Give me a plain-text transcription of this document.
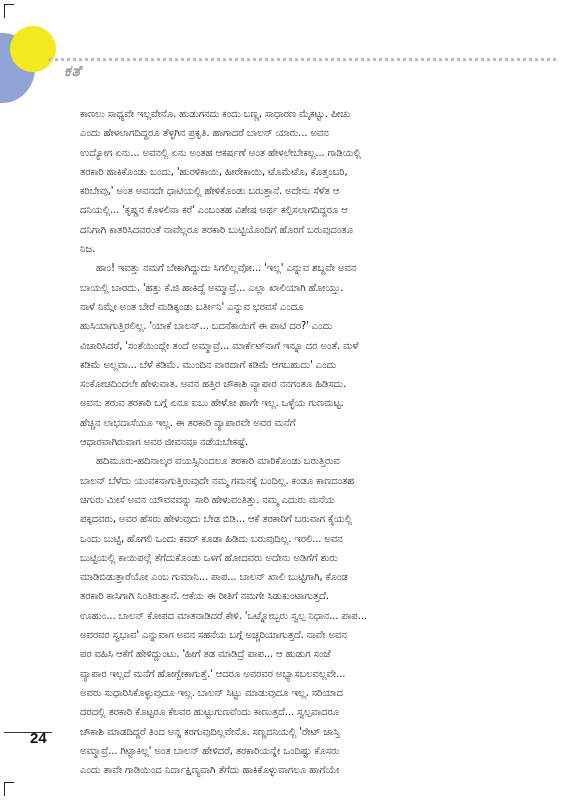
ಕತೆ
ಕಾಣಲು ಸಾಧ್ಯವೇ ಇಲ್ಲವೇನೊ. ಹುಡುಗನದು ಕಂದು ಬಣ್ಣ, ಸಾಧಾರಣ ಮೈಕಟ್ಟು. ಪೀಚು
ಎಂದು ಹೇಳಲಾಗದಿದ್ದರೂ ತೆಳ್ಳಗಿನ ಪ್ರಕೃತಿ. ಹಾಗಾದರೆ ಬಾಲನ್ ಯಾರು... ಅವನ
ಉದ್ಯೋಗ ಏನು... ಅವನಲ್ಲಿ ಏನು ಅಂತಹ ಆಕರ್ಷಣೆ ಅಂತ ಹೇಳಲೇಬೇಕಲ್ಲ... ಗಾಡಿಯಲ್ಲಿ
ತರಕಾರಿ ಹಾಕಿಕೊಂಡು ಬಂದು, 'ಹುರಳಿಕಾಯಿ, ಹೀರೇಕಾಯಿ, ಟೊಮೆಟೊ, ಕೊತ್ತಂಬರಿ,
ಕರಿಬೇವು,' ಅಂತ ಅವನದೇ ಧಾಟಿಯಲ್ಲಿ ಹೇಳಿಕೊಂಡು ಬರುತ್ತಾನೆ. ಅದೇನು ಸೆಳೆತ ಆ
ದನಿಯಲ್ಲಿ... 'ಕೃಷ್ಣನ ಕೊಳಲಿನಾ ಕರೆ' ಎಂಬಂತಹ ವಿಶೇಷ ಅರ್ಥ ಕಲ್ಪಿಸಲಾಗದಿದ್ದರೂ ಆ
ದನಿಗಾಗಿ ಕಾತರಿಸಿದವರಂತೆ ನಾವೆಲ್ಲರೂ ತರಕಾರಿ ಬುಟ್ಟಿಯೊಂದಿಗೆ ಹೊರಗೆ ಬರುವುದಂತೂ
ನಿಜ.
ಹಾಂ! ಇವತ್ತು ನಮಗೆ ಬೇಕಾಗಿದ್ದುದು ಸಿಗಲಿಲ್ಲವೋ... 'ಇಲ್ಲ' ಎನ್ನುವ ಶಬ್ದವೇ ಅವನ
ಬಾಯಲ್ಲಿ ಬಾರದು. 'ಹತ್ತು ಕೆ.ಜಿ ಹಾಕಿದ್ದೆ ಅಮ್ಮಾವ್ರೆ... ಎಲ್ಲಾ ಖಾಲಿಯಾಗಿ ಹೋಯ್ತು.
ನಾಳೆ ನಿಮ್ಗೇ ಅಂತ ಬೇರೆ ಮಡಿಕ್ಕಂಡು ಬರ್ತೀನಿ' ಎನ್ನುವ ಭರವಸೆ ಎಂದೂ
ಹುಸಿಯಾಗುತ್ತಿರಲಿಲ್ಲ. 'ಯಾಕೆ ಬಾಲನ್... ಬದನೆಕಾಯಿಗೆ ಈ ಪಾಟಿ ದರ?' ಎಂದು
ವಿಚಾರಿಸಿದರೆ, 'ಸಂತೆಯಿಂದ್ಲೇ ತಂದೆ ಅಮ್ಮಾವ್ರೆ... ಮಾರ್ಕೆಟ್‌ನಾಗೆ ಇನ್ನೂ ದರ ಅಂತೆ. ಮಳೆ
ಕಡಿಮೆ ಅಲ್ಲವಾ... ಬೆಳೆ ಕಡಿಮೆ. ಮುಂದಿನ ವಾರದಾಗೆ ಕಡಿಮೆ ಆಗಬಹುದು' ಎಂದು
ಸಂಕೋಚದಿಂದಲೇ ಹೇಳುವಾತ. ಅವನ ಹತ್ತಿರ ಚೌಕಾಶಿ ವ್ಯಾಪಾರ ನನಗಂತೂ ಹಿಡಿಸದು.
ಅವನು ತರುವ ತರಕಾರಿ ಬಗ್ಗೆ ಏನೂ ಐಬು ಹೇಳೋ ಹಾಗೇ ಇಲ್ಲ. ಒಳ್ಳೆಯ ಗುಣಮಟ್ಟ.
ಹೆಚ್ಚಿನ ಲಾಭದಾಸೆಯೂ ಇಲ್ಲ. ಈ ತರಕಾರಿ ವ್ಯಾಪಾರವೇ ಅವರ ಮನೆಗೆ
ಆಧಾರವಾಗಿರುವಾಗ ಅವರ ಜೀವನವೂ ನಡೆಯಬೇಕಷ್ಟೆ.
ಹದಿಮೂರು-ಹದಿನಾಲ್ಕರ ವಯಸ್ಸಿನಿಂದಲೂ ತರಕಾರಿ ಮಾರಿಕೊಂಡು ಬರುತ್ತಿರುವ
ಬಾಲನ್ ಬೆಳೆದು ಯುವಕನಾಗುತ್ತಿರುವುದೇ ನಮ್ಮ ಗಮನಕ್ಕೆ ಬಂದಿಲ್ಲ. ಕಂಡೂ ಕಾಣದಂತಹ
ಚಿಗುರು ಮೀಸೆ ಅವನ ಯೌವನವನ್ನು ಸಾರಿ ಹೇಳುವಂತಿತ್ತು. ನಮ್ಮ ಎದುರು ಮನೆಯ
ಪಕ್ಕದವರು, ಅವರ ಹೆಸರು ಹೇಳುವುದು ಬೇಡ ಬಿಡಿ... ಆಕೆ ತರಕಾರಿಗೆ ಬರುವಾಗ ಕೈಯಲ್ಲಿ
ಒಂದು ಬುಟ್ಟಿ, ಹೊಗಲಿ ಒಂದು ಕವರ್ ಕೂಡಾ ಹಿಡಿದು ಬರುವುದಿಲ್ಲ. ಇರಲಿ... ಅವನ
ಬುಟ್ಟಿಯಲ್ಲಿ ಕಾಯಿಪಲ್ಲೆ ತೆಗೆದುಕೊಂಡು ಒಳಗೆ ಹೋದವರು ಅದೇನು ಅಡಿಗೆಗೆ ಶುರು
ಮಾಡಿಬಿಡುತ್ತಾರೆಯೋ ಎಂಬ ಗುಮಾನಿ... ಪಾಪ... ಬಾಲನ್ ಖಾಲಿ ಬುಟ್ಟಿಗಾಗಿ, ಕೊಂಡ
ತರಕಾರಿ ಕಾಸಿಗಾಗಿ ನಿಂತಿರುತ್ತಾನೆ. ಆಕೆಯ ಈ ರೀತಿಗೆ ನಮಗೇ ಸಿಡುಕುಂಟಾಗುತ್ತದೆ.
ಊಹುಂ... ಬಾಲನ್ ಕೋಪದ ಮಾತನಾಡಿದರೆ ಕೇಳಿ. 'ಒಟ್ನೋಬ್ಬರು ಸ್ವಲ್ಪ ನಿಧಾನ... ಪಾಪ...
ಅವರವರ ಸ್ವಭಾವ' ಎನ್ನುವಾಗ ಅವನ ಸಹನೆಯ ಬಗ್ಗೆ ಅಚ್ಚರಿಯಾಗುತ್ತದೆ. ನಾವೇ ಅವನ
ಪರ ವಹಿಸಿ ಆಕೆಗೆ ಹೇಳಿದ್ದುಂಟು. 'ಹೀಗೆ ತಡ ಮಾಡಿದ್ರೆ ಪಾಪ... ಆ ಹುಡುಗ ಸಂಜೆ
ವ್ಯಾಪಾರ ಇಲ್ಲದೆ ಮನೆಗೆ ಹೋಗ್ಬೇಕಾಗುತ್ತೆ.' ಆದರೂ ಅವರವರ ಅಭ್ಯಾಸಬಲವಲ್ಲವೇ...
ಅವರು ಸುಧಾರಿಸಿಕೊಳ್ಳುವುದೂ ಇಲ್ಲ. ಬಾಲನ್ ಸಿಟ್ಟು ಮಾಡುವುದೂ ಇಲ್ಲ. ಸರಿಯಾದ
ದರದಲ್ಲಿ ತರಕಾರಿ ಕೊಟ್ಟರೂ ಕೆಲವರ ಹುಟ್ಟುಗುಣವೆಂದು ಕಾಣುತ್ತದೆ... ಸ್ವಲ್ಪವಾದರೂ
ಚೌಕಾಶಿ ಮಾಡದಿದ್ದರೆ ತಿಂದ ಅನ್ನ ಕರಗುವುದಿಲ್ಲವೇನೊ. ಸಣ್ಣದನಿಯಲ್ಲಿ 'ರೇಟ್ ಜಾಸ್ತಿ
ಅಮ್ಮಾವ್ರೆ... ಗಿಟ್ಟಾಕಿಲ್ಲ' ಅಂತ ಬಾಲನ್ ಹೇಳಿದರೆ, ತರಕಾರಿಯನ್ನೇ ಒಂದಿಷ್ಟು ಕೊಸರು
ಎಂದು ತಾವೇ ಗಾಡಿಯಿಂದ ನಿರ್ದಾಕ್ಷಿಣ್ಯವಾಗಿ ತೆಗೆದು ಹಾಕಿಕೊಳ್ಳುವಾಗಲೂ ಹಾಗೆಯೇ
24
